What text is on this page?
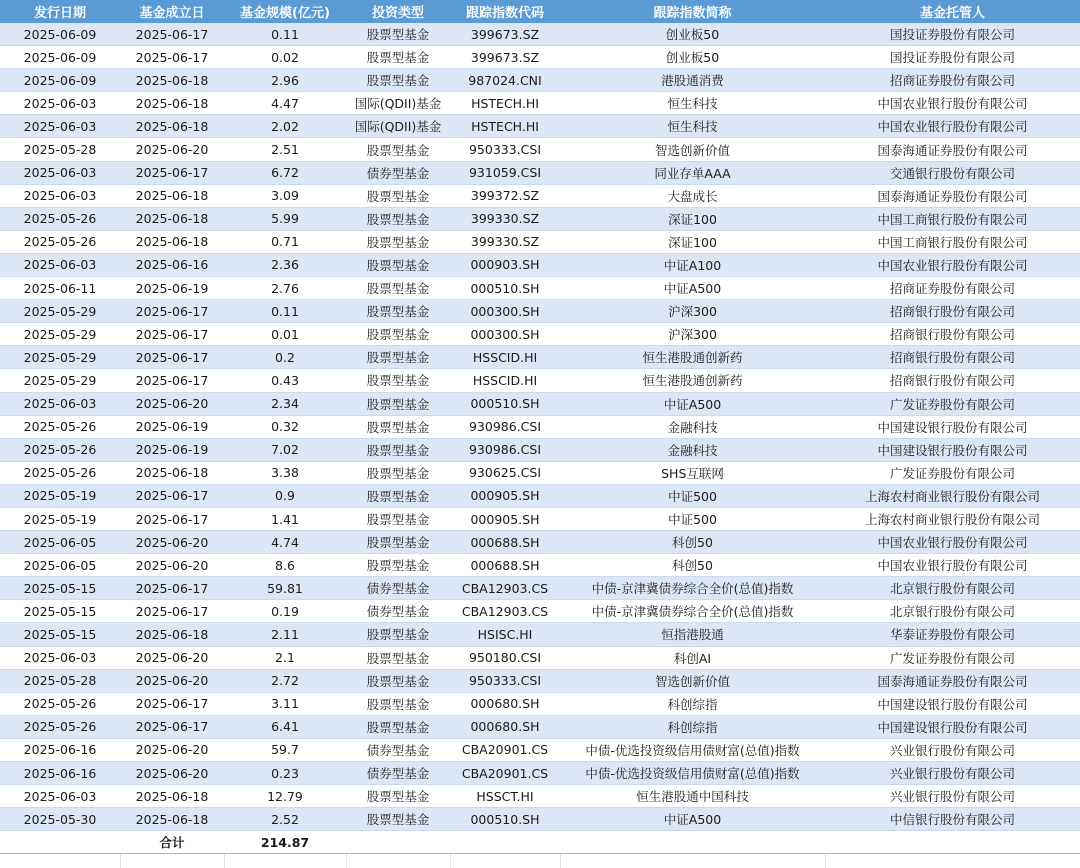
发行日期	基金成立日	基金规模(亿元)	投资类型	跟踪指数代码	跟踪指数简称	基金托管人
2025-06-09	2025-06-17	0.11	股票型基金	399673.SZ	创业板50	国投证券股份有限公司
2025-06-09	2025-06-17	0.02	股票型基金	399673.SZ	创业板50	国投证券股份有限公司
2025-06-09	2025-06-18	2.96	股票型基金	987024.CNI	港股通消费	招商证券股份有限公司
2025-06-03	2025-06-18	4.47	国际(QDII)基金	HSTECH.HI	恒生科技	中国农业银行股份有限公司
2025-06-03	2025-06-18	2.02	国际(QDII)基金	HSTECH.HI	恒生科技	中国农业银行股份有限公司
2025-05-28	2025-06-20	2.51	股票型基金	950333.CSI	智选创新价值	国泰海通证券股份有限公司
2025-06-03	2025-06-17	6.72	债券型基金	931059.CSI	同业存单AAA	交通银行股份有限公司
2025-06-03	2025-06-18	3.09	股票型基金	399372.SZ	大盘成长	国泰海通证券股份有限公司
2025-05-26	2025-06-18	5.99	股票型基金	399330.SZ	深证100	中国工商银行股份有限公司
2025-05-26	2025-06-18	0.71	股票型基金	399330.SZ	深证100	中国工商银行股份有限公司
2025-06-03	2025-06-16	2.36	股票型基金	000903.SH	中证A100	中国农业银行股份有限公司
2025-06-11	2025-06-19	2.76	股票型基金	000510.SH	中证A500	招商证券股份有限公司
2025-05-29	2025-06-17	0.11	股票型基金	000300.SH	沪深300	招商银行股份有限公司
2025-05-29	2025-06-17	0.01	股票型基金	000300.SH	沪深300	招商银行股份有限公司
2025-05-29	2025-06-17	0.2	股票型基金	HSSCID.HI	恒生港股通创新药	招商银行股份有限公司
2025-05-29	2025-06-17	0.43	股票型基金	HSSCID.HI	恒生港股通创新药	招商银行股份有限公司
2025-06-03	2025-06-20	2.34	股票型基金	000510.SH	中证A500	广发证券股份有限公司
2025-05-26	2025-06-19	0.32	股票型基金	930986.CSI	金融科技	中国建设银行股份有限公司
2025-05-26	2025-06-19	7.02	股票型基金	930986.CSI	金融科技	中国建设银行股份有限公司
2025-05-26	2025-06-18	3.38	股票型基金	930625.CSI	SHS互联网	广发证券股份有限公司
2025-05-19	2025-06-17	0.9	股票型基金	000905.SH	中证500	上海农村商业银行股份有限公司
2025-05-19	2025-06-17	1.41	股票型基金	000905.SH	中证500	上海农村商业银行股份有限公司
2025-06-05	2025-06-20	4.74	股票型基金	000688.SH	科创50	中国农业银行股份有限公司
2025-06-05	2025-06-20	8.6	股票型基金	000688.SH	科创50	中国农业银行股份有限公司
2025-05-15	2025-06-17	59.81	债券型基金	CBA12903.CS	中债-京津冀债券综合全价(总值)指数	北京银行股份有限公司
2025-05-15	2025-06-17	0.19	债券型基金	CBA12903.CS	中债-京津冀债券综合全价(总值)指数	北京银行股份有限公司
2025-05-15	2025-06-18	2.11	股票型基金	HSISC.HI	恒指港股通	华泰证券股份有限公司
2025-06-03	2025-06-20	2.1	股票型基金	950180.CSI	科创AI	广发证券股份有限公司
2025-05-28	2025-06-20	2.72	股票型基金	950333.CSI	智选创新价值	国泰海通证券股份有限公司
2025-05-26	2025-06-17	3.11	股票型基金	000680.SH	科创综指	中国建设银行股份有限公司
2025-05-26	2025-06-17	6.41	股票型基金	000680.SH	科创综指	中国建设银行股份有限公司
2025-06-16	2025-06-20	59.7	债券型基金	CBA20901.CS	中债-优选投资级信用债财富(总值)指数	兴业银行股份有限公司
2025-06-16	2025-06-20	0.23	债券型基金	CBA20901.CS	中债-优选投资级信用债财富(总值)指数	兴业银行股份有限公司
2025-06-03	2025-06-18	12.79	股票型基金	HSSCT.HI	恒生港股通中国科技	兴业银行股份有限公司
2025-05-30	2025-06-18	2.52	股票型基金	000510.SH	中证A500	中信银行股份有限公司
	合计	214.87				
